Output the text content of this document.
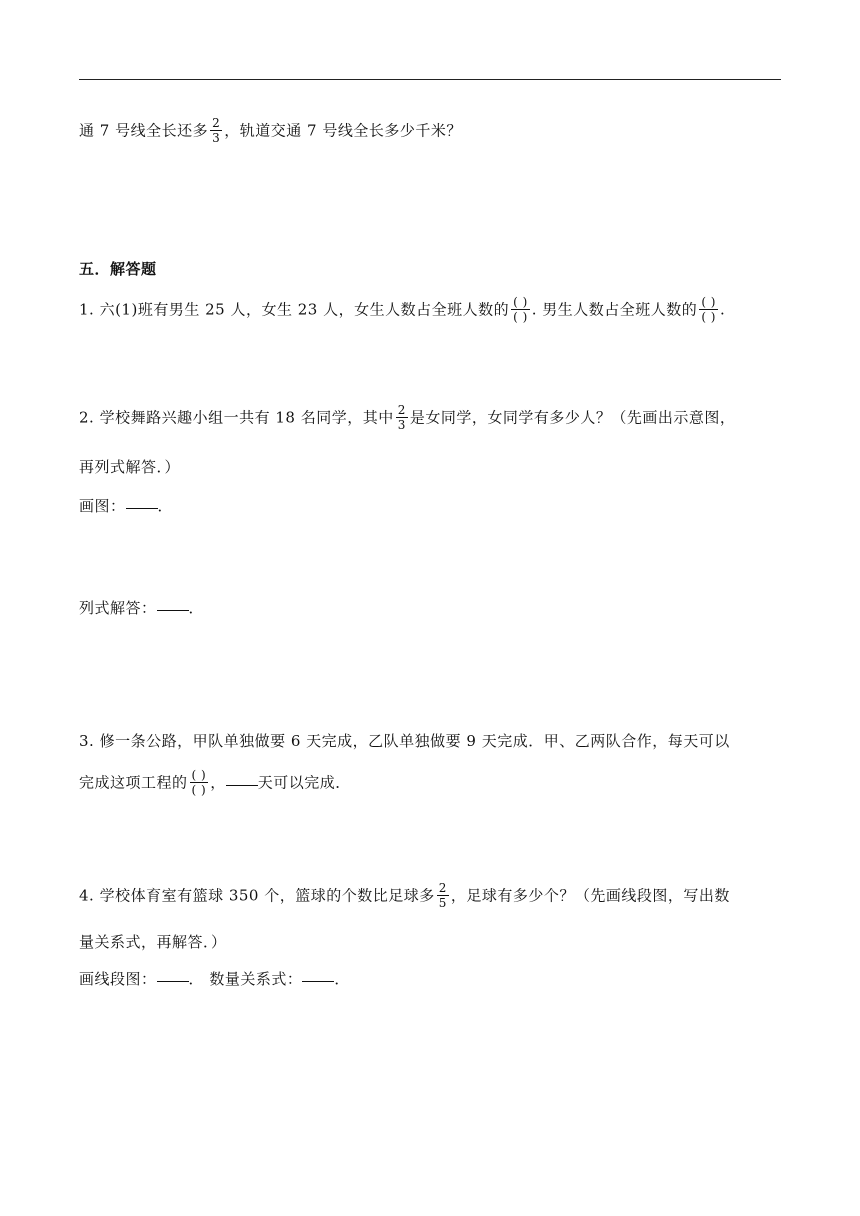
通 7 号线全长还多 $\frac{2}{3}$ ，轨道交通 7 号线全长多少千米？
五．解答题
1. 六(1)班有男生 25 人，女生 23 人，女生人数占全班人数的 $\frac{( )}{( )}$ . 男生人数占全班人数的 $\frac{( )}{( )}$ .
2. 学校舞路兴趣小组一共有 18 名同学，其中 $\frac{2}{3}$ 是女同学，女同学有多少人？（先画出示意图，
再列式解答．）
画图： ．
列式解答： ．
3. 修一条公路，甲队单独做要 6 天完成，乙队单独做要 9 天完成．甲、乙两队合作，每天可以
完成这项工程的 $\frac{( )}{( )}$ ， 天可以完成．
4. 学校体育室有篮球 350 个，篮球的个数比足球多 $\frac{2}{5}$ ，足球有多少个？（先画线段图，写出数
量关系式，再解答．）
画线段图： ． 数量关系式： ．
